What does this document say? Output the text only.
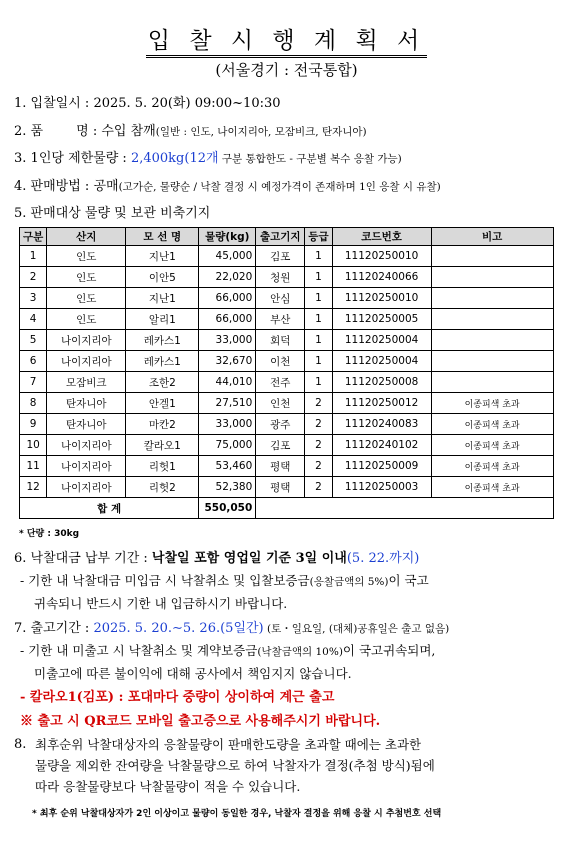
입 찰 시 행 계 획 서
(서울경기 : 전국통합)
1. 입찰일시 : 2025. 5. 20(화) 09:00~10:30
2. 품        명 : 수입 참깨(일반 : 인도, 나이지리아, 모잠비크, 탄자니아)
3. 1인당 제한물량 : 2,400kg(12개 구분 통합한도 - 구분별 복수 응찰 가능)
4. 판매방법 : 공매(고가순, 물량순 / 낙찰 결정 시 예정가격이 존재하며 1인 응찰 시 유찰)
5. 판매대상 물량 및 보관 비축기지
구분	산지	모 선 명	물량(kg)	출고기지	등급	코드번호	비고
1	인도	지난1	45,000	김포	1	11120250010	
2	인도	이안5	22,020	청원	1	11120240066	
3	인도	지난1	66,000	안심	1	11120250010	
4	인도	알리1	66,000	부산	1	11120250005	
5	나이지리아	레카스1	33,000	회덕	1	11120250004	
6	나이지리아	레카스1	32,670	이천	1	11120250004	
7	모잠비크	조한2	44,010	전주	1	11120250008	
8	탄자니아	안겔1	27,510	인천	2	11120250012	이종피색 초과
9	탄자니아	마칸2	33,000	광주	2	11120240083	이종피색 초과
10	나이지리아	칼라오1	75,000	김포	2	11120240102	이종피색 초과
11	나이지리아	리헛1	53,460	평택	2	11120250009	이종피색 초과
12	나이지리아	리헛2	52,380	평택	2	11120250003	이종피색 초과
합 계			550,050				
* 단량 : 30kg
6. 낙찰대금 납부 기간 : 낙찰일 포함 영업일 기준 3일 이내(5. 22.까지)
- 기한 내 낙찰대금 미입금 시 낙찰취소 및 입찰보증금(응찰금액의 5%)이 국고
귀속되니 반드시 기한 내 입금하시기 바랍니다.
7. 출고기간 : 2025. 5. 20.∼5. 26.(5일간) (토・일요일, (대체)공휴일은 출고 없음)
- 기한 내 미출고 시 낙찰취소 및 계약보증금(낙찰금액의 10%)이 국고귀속되며,
미출고에 따른 불이익에 대해 공사에서 책임지지 않습니다.
- 칼라오1(김포) : 포대마다 중량이 상이하여 계근 출고
※ 출고 시 QR코드 모바일 출고증으로 사용해주시기 바랍니다.
8. 최후순위 낙찰대상자의 응찰물량이 판매한도량을 초과할 때에는 초과한
물량을 제외한 잔여량을 낙찰물량으로 하여 낙찰자가 결정(추첨 방식)됨에
따라 응찰물량보다 낙찰물량이 적을 수 있습니다.
* 최후 순위 낙찰대상자가 2인 이상이고 물량이 동일한 경우, 낙찰자 결정을 위해 응찰 시 추첨번호 선택
